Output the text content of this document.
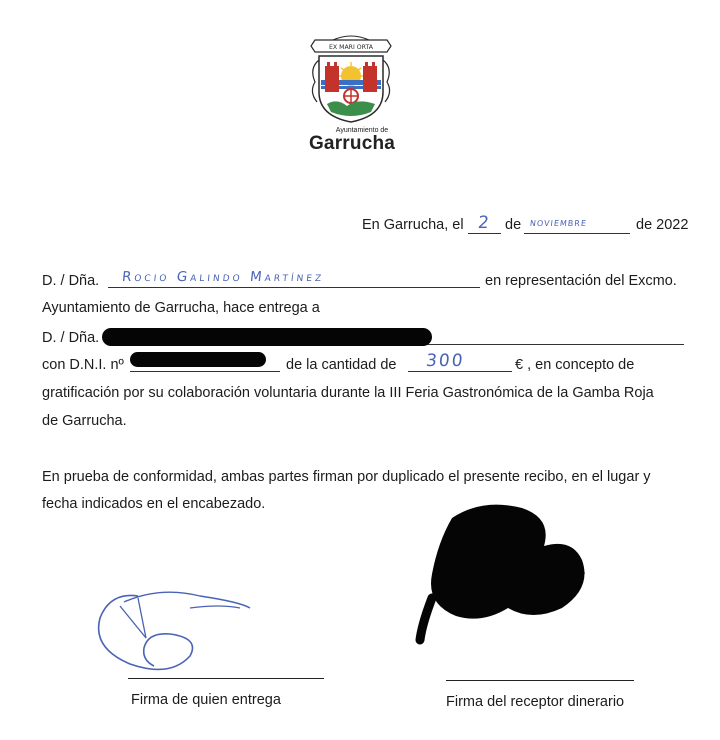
EX MARI ORTA
Ayuntamiento de
Garrucha
En Garrucha, el 2 de noviembre	de 2022
D. / Dña. Rocio Galindo Martínez	en representación del Excmo.
Ayuntamiento de Garrucha, hace entrega a
D. / Dña.
con D.N.I. nº	de la cantidad de 300	€ , en concepto de
gratificación por su colaboración voluntaria durante la III Feria Gastronómica de la Gamba Roja
de Garrucha.
En prueba de conformidad, ambas partes firman por duplicado el presente recibo, en el lugar y
fecha indicados en el encabezado.
Firma de quien entrega	Firma del receptor dinerario
